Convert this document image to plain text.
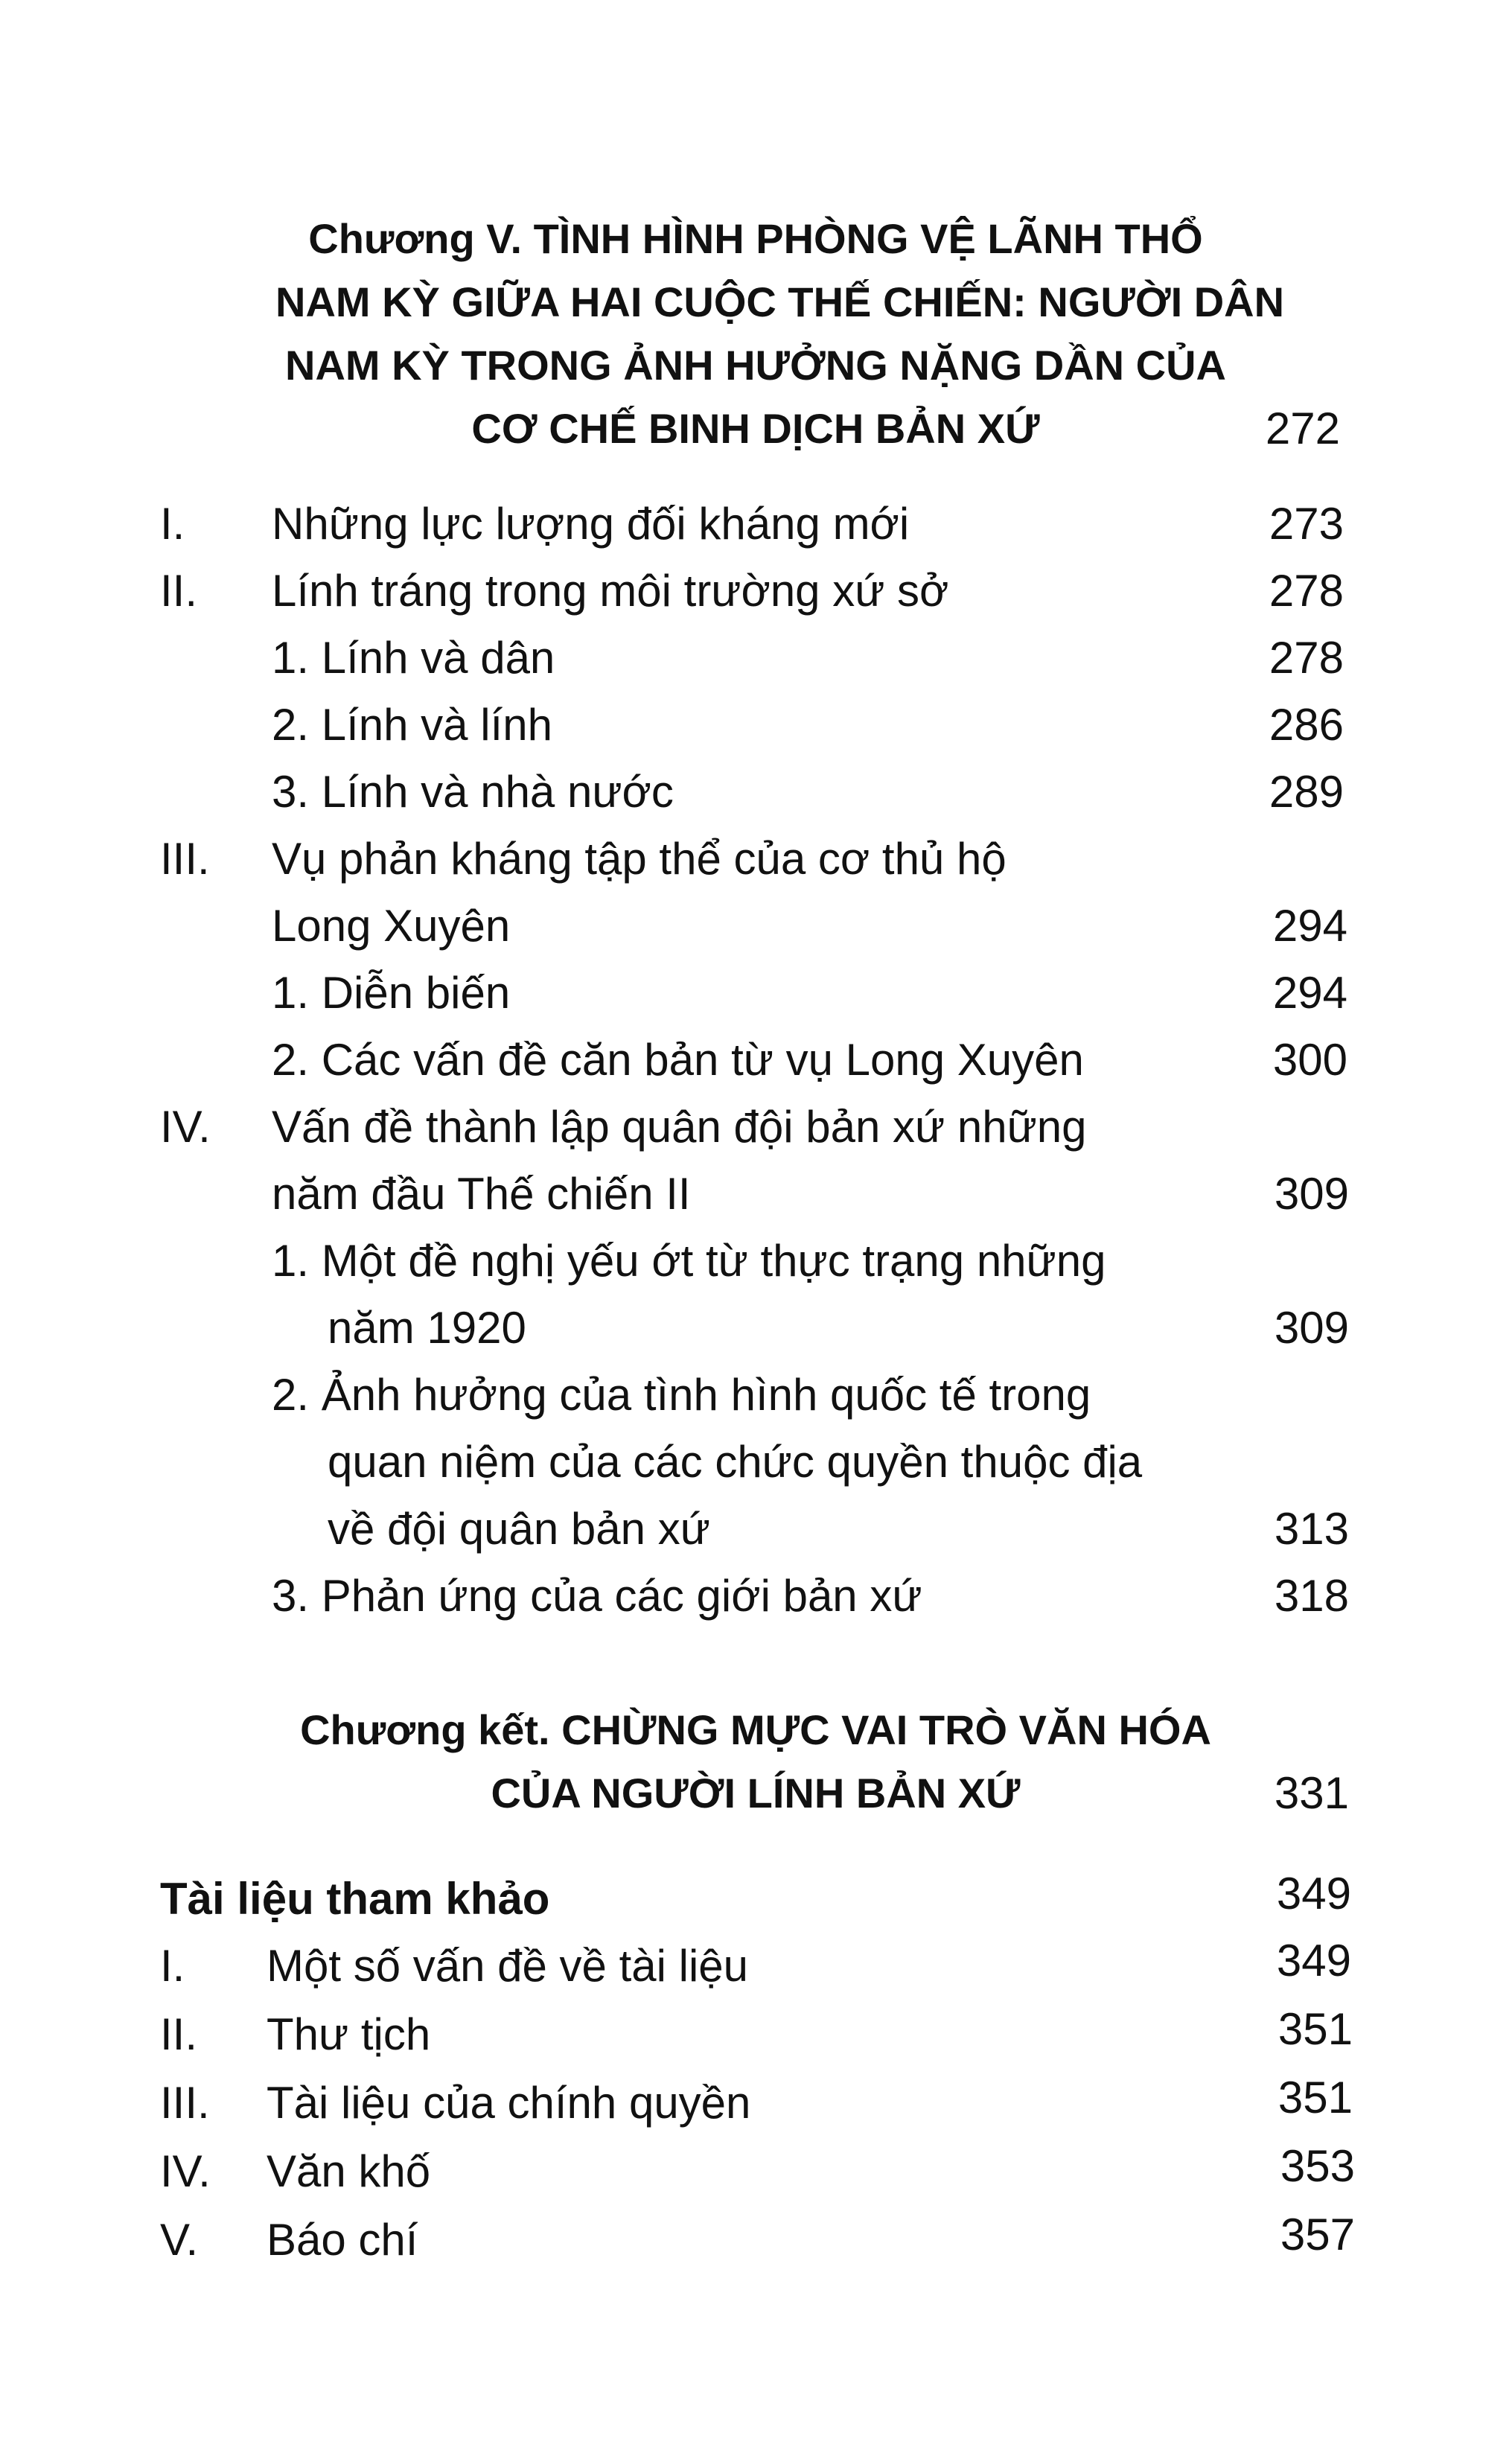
Chương V. TÌNH HÌNH PHÒNG VỆ LÃNH THỔ
NAM KỲ GIỮA HAI CUỘC THẾ CHIẾN: NGƯỜI DÂN
NAM KỲ TRONG ẢNH HƯỞNG NẶNG DẦN CỦA
CƠ CHẾ BINH DỊCH BẢN XỨ	272
I. Những lực lượng đối kháng mới	273
II. Lính tráng trong môi trường xứ sở	278
1. Lính và dân	278
2. Lính và lính	286
3. Lính và nhà nước	289
III. Vụ phản kháng tập thể của cơ thủ hộ
Long Xuyên	294
1. Diễn biến	294
2. Các vấn đề căn bản từ vụ Long Xuyên	300
IV. Vấn đề thành lập quân đội bản xứ những
năm đầu Thế chiến II	309
1. Một đề nghị yếu ớt từ thực trạng những
năm 1920	309
2. Ảnh hưởng của tình hình quốc tế trong
quan niệm của các chức quyền thuộc địa
về đội quân bản xứ	313
3. Phản ứng của các giới bản xứ	318
Chương kết. CHỪNG MỰC VAI TRÒ VĂN HÓA
CỦA NGƯỜI LÍNH BẢN XỨ	331
Tài liệu tham khảo	349
I. Một số vấn đề về tài liệu	349
II. Thư tịch	351
III. Tài liệu của chính quyền	351
IV. Văn khố	353
V. Báo chí	357
